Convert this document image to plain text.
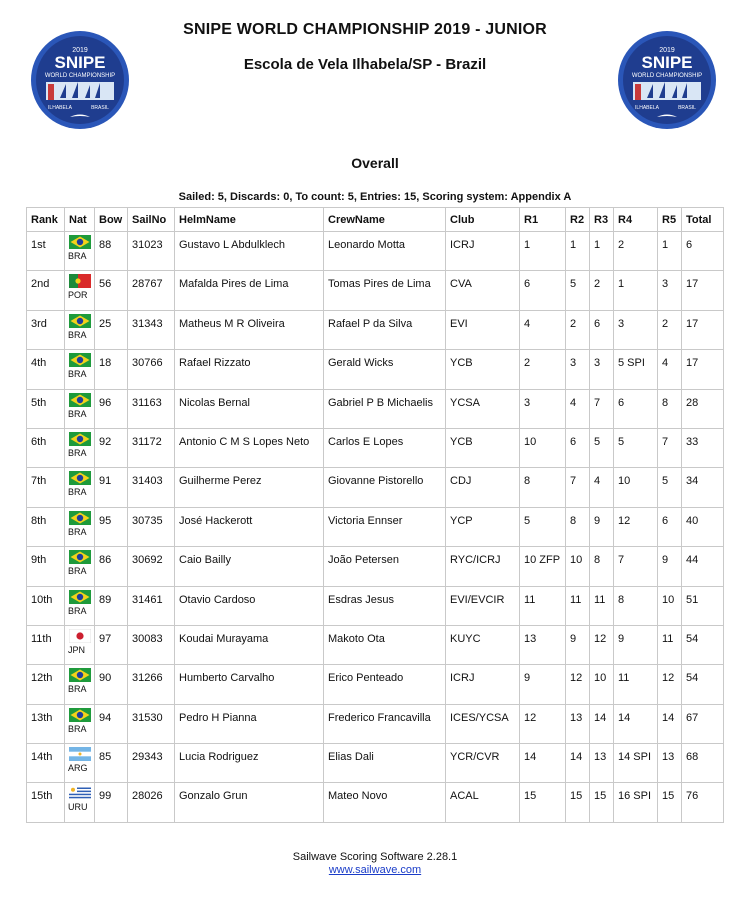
2019
SNIPE
WORLD CHAMPIONSHIP
ILHABELA	BRASIL
2019
SNIPE
WORLD CHAMPIONSHIP
ILHABELA	BRASIL
SNIPE WORLD CHAMPIONSHIP 2019 - JUNIOR
Escola de Vela Ilhabela/SP - Brazil
Overall
Sailed: 5, Discards: 0, To count: 5, Entries: 15, Scoring system: Appendix A
Rank	Nat	Bow	SailNo	HelmName	CrewName	Club	R1	R2	R3	R4	R5	Total
1st	BRA	88	31023	Gustavo L Abdulklech	Leonardo Motta	ICRJ	1	1	1	2	1	6
2nd	POR	56	28767	Mafalda Pires de Lima	Tomas Pires de Lima	CVA	6	5	2	1	3	17
3rd	BRA	25	31343	Matheus M R Oliveira	Rafael P da Silva	EVI	4	2	6	3	2	17
4th	BRA	18	30766	Rafael Rizzato	Gerald Wicks	YCB	2	3	3	5 SPI	4	17
5th	BRA	96	31163	Nicolas Bernal	Gabriel P B Michaelis	YCSA	3	4	7	6	8	28
6th	BRA	92	31172	Antonio C M S Lopes Neto	Carlos E Lopes	YCB	10	6	5	5	7	33
7th	BRA	91	31403	Guilherme Perez	Giovanne Pistorello	CDJ	8	7	4	10	5	34
8th	BRA	95	30735	José Hackerott	Victoria Ennser	YCP	5	8	9	12	6	40
9th	BRA	86	30692	Caio Bailly	João Petersen	RYC/ICRJ	10 ZFP	10	8	7	9	44
10th	BRA	89	31461	Otavio Cardoso	Esdras Jesus	EVI/EVCIR	11	11	11	8	10	51
11th	JPN	97	30083	Koudai Murayama	Makoto Ota	KUYC	13	9	12	9	11	54
12th	BRA	90	31266	Humberto Carvalho	Erico Penteado	ICRJ	9	12	10	11	12	54
13th	BRA	94	31530	Pedro H Pianna	Frederico Francavilla	ICES/YCSA	12	13	14	14	14	67
14th	ARG	85	29343	Lucia Rodriguez	Elias Dali	YCR/CVR	14	14	13	14 SPI	13	68
15th	URU	99	28026	Gonzalo Grun	Mateo Novo	ACAL	15	15	15	16 SPI	15	76
Sailwave Scoring Software 2.28.1
www.sailwave.com
